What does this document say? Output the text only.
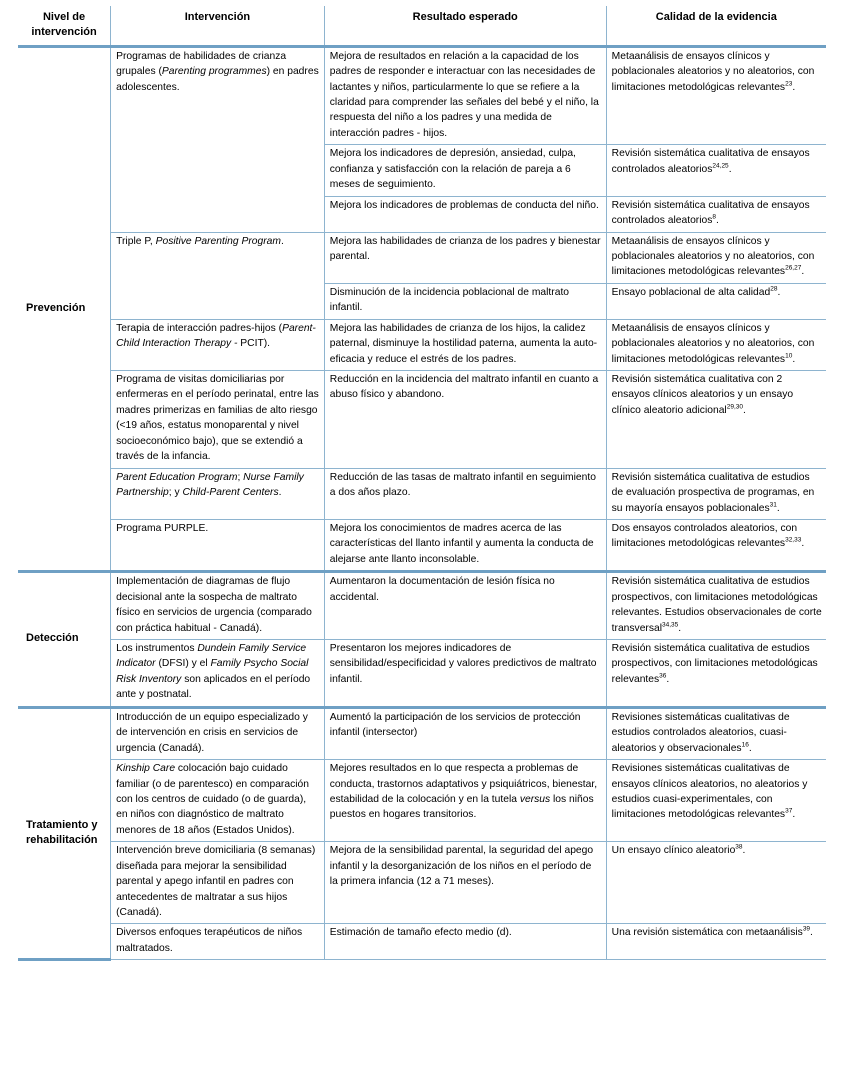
Nivel de intervención	Intervención	Resultado esperado	Calidad de la evidencia
Prevención	Programas de habilidades de crianza grupales (Parenting programmes) en padres adolescentes.	Mejora de resultados en relación a la capacidad de los padres de responder e interactuar con las necesidades de lactantes y niños, particularmente lo que se refiere a la claridad para comprender las señales del bebé y el niño, la respuesta del niño a los padres y una medida de interacción padres - hijos.	Metaanálisis de ensayos clínicos y poblacionales aleatorios y no aleatorios, con limitaciones metodológicas relevantes$^{23}$.
		Mejora los indicadores de depresión, ansiedad, culpa, confianza y satisfacción con la relación de pareja a 6 meses de seguimiento.	Revisión sistemática cualitativa de ensayos controlados aleatorios$^{24,25}$.
		Mejora los indicadores de problemas de conducta del niño.	Revisión sistemática cualitativa de ensayos controlados aleatorios$^8$.
	Triple P, Positive Parenting Program.	Mejora las habilidades de crianza de los padres y bienestar parental.	Metaanálisis de ensayos clínicos y poblacionales aleatorios y no aleatorios, con limitaciones metodológicas relevantes$^{26,27}$.
		Disminución de la incidencia poblacional de maltrato infantil.	Ensayo poblacional de alta calidad$^{28}$.
	Terapia de interacción padres-hijos (Parent-Child Interaction Therapy - PCIT).	Mejora las habilidades de crianza de los hijos, la calidez paternal, disminuye la hostilidad paterna, aumenta la auto-eficacia y reduce el estrés de los padres.	Metaanálisis de ensayos clínicos y poblacionales aleatorios y no aleatorios, con limitaciones metodológicas relevantes$^{10}$.
	Programa de visitas domiciliarias por enfermeras en el período perinatal, entre las madres primerizas en familias de alto riesgo (<19 años, estatus monoparental y nivel socioeconómico bajo), que se extendió a través de la infancia.	Reducción en la incidencia del maltrato infantil en cuanto a abuso físico y abandono.	Revisión sistemática cualitativa con 2 ensayos clínicos aleatorios y un ensayo clínico aleatorio adicional$^{29,30}$.
	Parent Education Program; Nurse Family Partnership; y Child-Parent Centers.	Reducción de las tasas de maltrato infantil en seguimiento a dos años plazo.	Revisión sistemática cualitativa de estudios de evaluación prospectiva de programas, en su mayoría ensayos poblacionales$^{31}$.
	Programa PURPLE.	Mejora los conocimientos de madres acerca de las características del llanto infantil y aumenta la conducta de alejarse ante llanto inconsolable.	Dos ensayos controlados aleatorios, con limitaciones metodológicas relevantes$^{32,33}$.
Detección	Implementación de diagramas de flujo decisional ante la sospecha de maltrato físico en servicios de urgencia (comparado con práctica habitual - Canadá).	Aumentaron la documentación de lesión física no accidental.	Revisión sistemática cualitativa de estudios prospectivos, con limitaciones metodológicas relevantes. Estudios observacionales de corte transversal$^{34,35}$.
	Los instrumentos Dundein Family Service Indicator (DFSI) y el Family Psycho Social Risk Inventory son aplicados en el período ante y postnatal.	Presentaron los mejores indicadores de sensibilidad/especificidad y valores predictivos de maltrato infantil.	Revisión sistemática cualitativa de estudios prospectivos, con limitaciones metodológicas relevantes$^{36}$.
Tratamiento y rehabilitación	Introducción de un equipo especializado y de intervención en crisis en servicios de urgencia (Canadá).	Aumentó la participación de los servicios de protección infantil (intersector)	Revisiones sistemáticas cualitativas de estudios controlados aleatorios, cuasi-aleatorios y observacionales$^{16}$.
	Kinship Care colocación bajo cuidado familiar (o de parentesco) en comparación con los centros de cuidado (o de guarda), en niños con diagnóstico de maltrato menores de 18 años (Estados Unidos).	Mejores resultados en lo que respecta a problemas de conducta, trastornos adaptativos y psiquiátricos, bienestar, estabilidad de la colocación y en la tutela versus los niños puestos en hogares transitorios.	Revisiones sistemáticas cualitativas de ensayos clínicos aleatorios, no aleatorios y estudios cuasi-experimentales, con limitaciones metodológicas relevantes$^{37}$.
	Intervención breve domiciliaria (8 semanas) diseñada para mejorar la sensibilidad parental y apego infantil en padres con antecedentes de maltratar a sus hijos (Canadá).	Mejora de la sensibilidad parental, la seguridad del apego infantil y la desorganización de los niños en el período de la primera infancia (12 a 71 meses).	Un ensayo clínico aleatorio$^{38}$.
	Diversos enfoques terapéuticos de niños maltratados.	Estimación de tamaño efecto medio (d).	Una revisión sistemática con metaanálisis$^{39}$.
